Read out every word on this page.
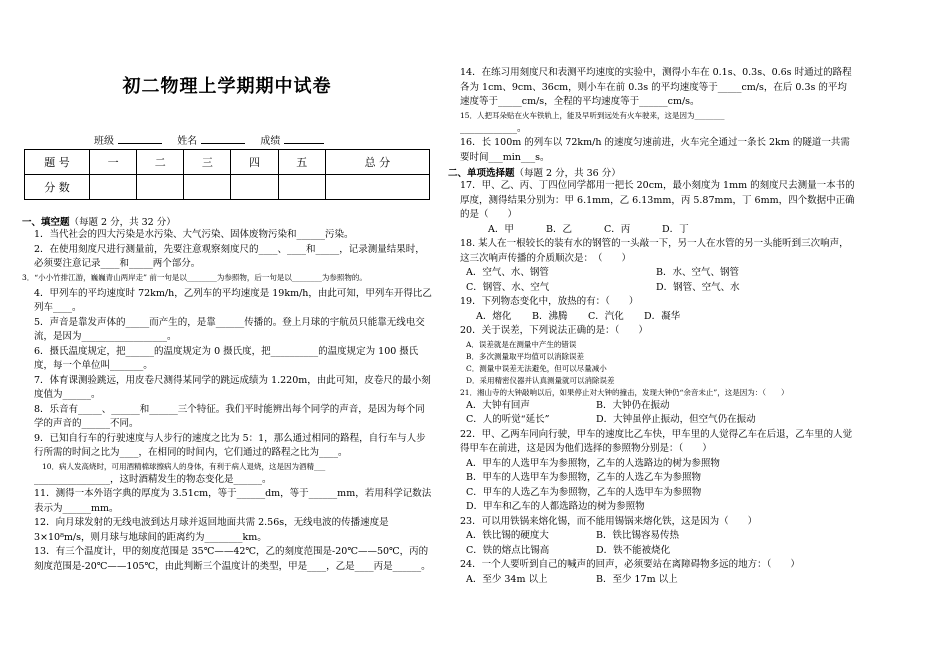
初二物理上学期期中试卷
班级	姓名	成绩
题 号	一	二	三	四	五	总 分
分 数						
一、填空题（每题 2 分，共 32 分）
1．当代社会的四大污染是水污染、大气污染、固体废物污染和______污染。
2．在使用刻度尺进行测量前，先要注意观察刻度尺的____、____和_____，记录测量结果时，必须要注意记录____和_____两个部分。
3．“小小竹排江游，巍巍青山两岸走” 前一句是以________为参照物，后一句是以________为参照物的。
4．甲列车的平均速度时 72km/h，乙列车的平均速度是 19km/h，由此可知，甲列车开得比乙列车____。
5．声音是靠发声体的_____而产生的，是靠______传播的。登上月球的宇航员只能靠无线电交流，是因为__________________。
6．摄氏温度规定，把______的温度规定为 0 摄氏度，把__________的温度规定为 100 摄氏度，每一个单位叫_______。
7．体育课测验跳远，用皮卷尺测得某同学的跳远成绩为 1.220m，由此可知，皮卷尺的最小刻度值为______。
8．乐音有_____、______和______三个特征。我们平时能辨出每个同学的声音，是因为每个同学的声音的______不同。
9．已知自行车的行驶速度与人步行的速度之比为 5：1，那么通过相同的路程，自行车与人步行所需的时间之比为____，在相同的时间内，它们通过的路程之比为____。
10．病人发高烧时，可用酒精棉球擦病人的身体，有利于病人退烧，这是因为酒精___
________________，这时酒精发生的物态变化是______。
11．测得一本外语字典的厚度为 3.51cm，等于______dm，等于______mm，若用科学记数法表示为______mm。
12．向月球发射的无线电波到达月球并返回地面共需 2.56s，无线电波的传播速度是 3×10⁸m/s，则月球与地球间的距离约为________km。
13．有三个温度计，甲的刻度范围是 35℃——42℃，乙的刻度范围是-20℃——50℃，丙的刻度范围是-20℃——105℃，由此判断三个温度计的类型，甲是____，乙是____丙是______。
14．在练习用刻度尺和表测平均速度的实验中，测得小车在 0.1s、0.3s、0.6s 时通过的路程各为 1cm、9cm、36cm，则小车在前 0.3s 的平均速度等于_____cm/s，在后 0.3s 的平均速度等于_____cm/s，全程的平均速度等于______cm/s。
15．人把耳朵贴在火车铁轨上，能及早听到远处有火车驶来，这是因为________
____________。
16．长 100m 的列车以 72km/h 的速度匀速前进，火车完全通过一条长 2km 的隧道一共需要时间___min___s。
二、单项选择题（每题 2 分，共 36 分）
17．甲、乙、丙、丁四位同学都用一把长 20cm，最小刻度为 1mm 的刻度尺去测量一本书的厚度，测得结果分别为：甲 6.1mm，乙 6.13mm，丙 5.87mm，丁 6mm，四个数据中正确的是（　　）
A．甲	B．乙	C．丙	D．丁
18. 某人在一根较长的装有水的钢管的一头敲一下，另一人在水管的另一头能听到三次响声，这三次响声传播的介质顺次是：　（　　）
A．空气、水、钢管	B．水、空气、钢管
C．钢管、水、空气	D．钢管、空气、水
19．下列物态变化中，放热的有：（　　）
A．熔化 B．沸腾 C．汽化 D．凝华
20．关于误差，下列说法正确的是：（　　）
A．误差就是在测量中产生的错误
B．多次测量取平均值可以消除误差
C．测量中误差无法避免，但可以尽量减小
D．采用精密仪器并认真测量就可以消除误差
21．湘山寺的大钟敲响以后，如果停止对大钟的撞击，发现大钟仍“余音未止”，这是因为：（　　）
A．大钟有回声	B．大钟仍在振动
C．人的听觉“延长”	D．大钟虽停止振动，但空气仍在振动
22．甲、乙两车同向行驶，甲车的速度比乙车快，甲车里的人觉得乙车在后退，乙车里的人觉得甲车在前进，这是因为他们选择的参照物分别是：（　　）
A．甲车的人选甲车为参照物，乙车的人选路边的树为参照物
B．甲车的人选甲车为参照物，乙车的人选乙车为参照物
C．甲车的人选乙车为参照物，乙车的人选甲车为参照物
D．甲车和乙车的人都选路边的树为参照物
23．可以用铁锅来熔化锡，而不能用锡锅来熔化铁，这是因为（　　）
A．铁比锡的硬度大	B．铁比锡容易传热
C．铁的熔点比锡高	D．铁不能被烧化
24．一个人要听到自己的喊声的回声，必须要站在离障碍物多远的地方：（　　）
A．至少 34m 以上	B．至少 17m 以上
